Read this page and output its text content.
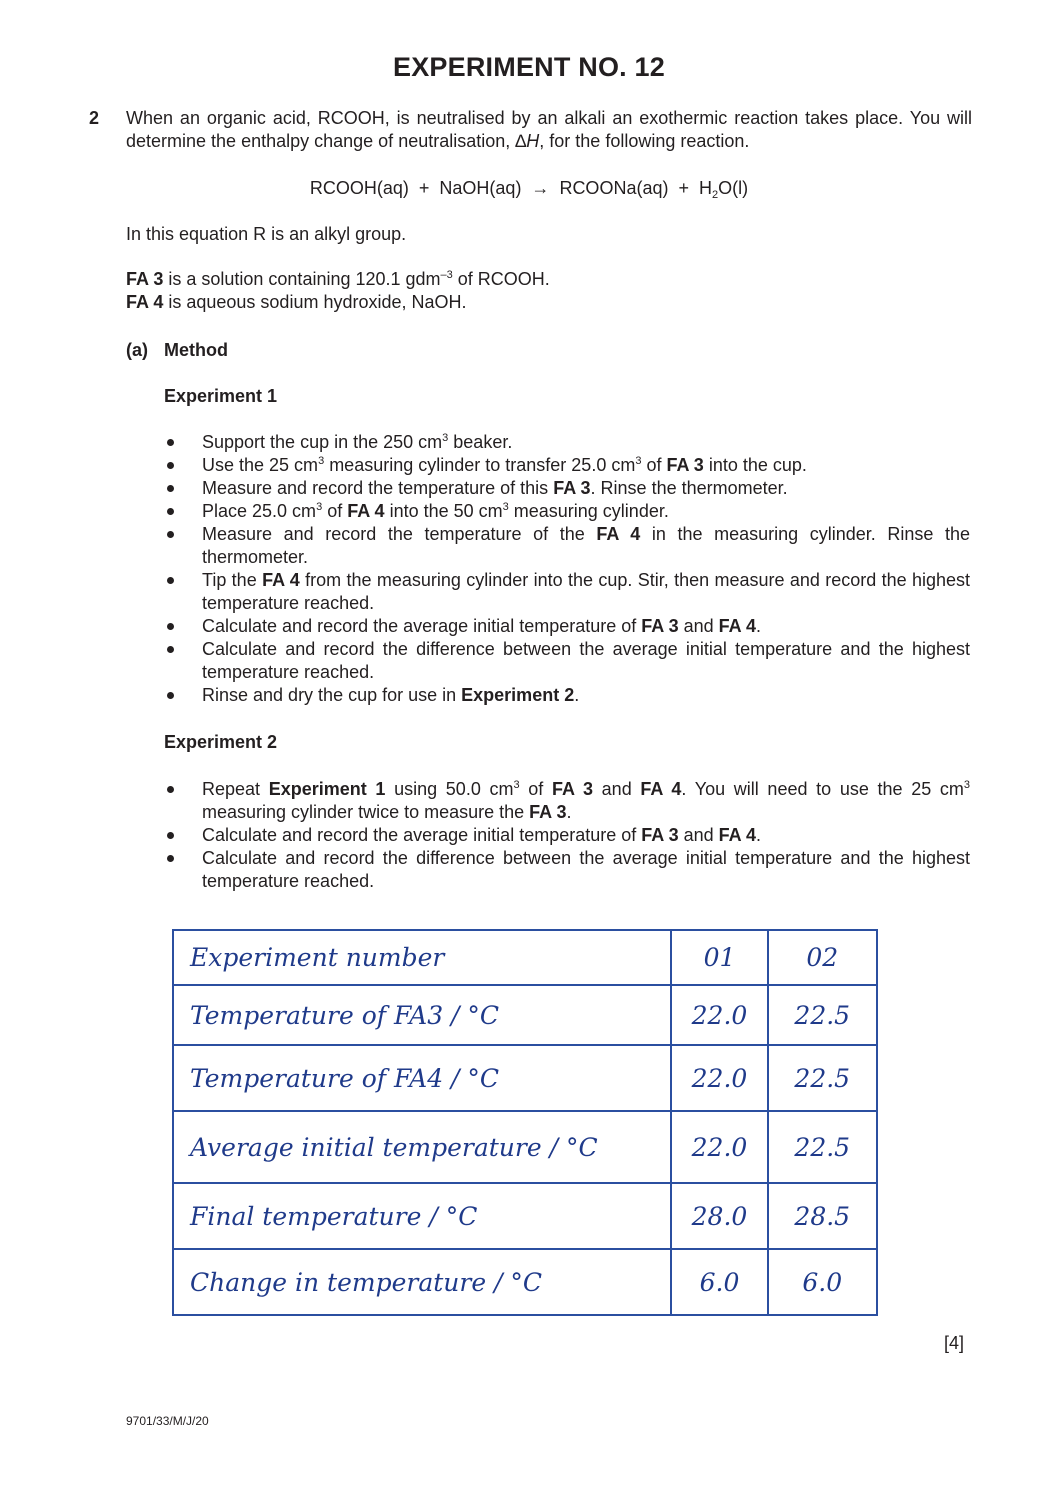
EXPERIMENT NO. 12
2 When an organic acid, RCOOH, is neutralised by an alkali an exothermic reaction takes place. You will determine the enthalpy change of neutralisation, ∆H, for the following reaction.
RCOOH(aq)  +  NaOH(aq)  →  RCOONa(aq)  +  $H_2O(l)$
In this equation R is an alkyl group.
FA 3 is a solution containing 120.1 gdm$^{-3}$ of RCOOH.
FA 4 is aqueous sodium hydroxide, NaOH.
(a) Method
Experiment 1
Support the cup in the 250 $cm^3$ beaker.
Use the 25 $cm^3$ measuring cylinder to transfer 25.0 $cm^3$ of FA 3 into the cup.
Measure and record the temperature of this FA 3. Rinse the thermometer.
Place 25.0 $cm^3$ of FA 4 into the 50 $cm^3$ measuring cylinder.
Measure and record the temperature of the FA 4 in the measuring cylinder. Rinse the thermometer.
Tip the FA 4 from the measuring cylinder into the cup. Stir, then measure and record the highest temperature reached.
Calculate and record the average initial temperature of FA 3 and FA 4.
Calculate and record the difference between the average initial temperature and the highest temperature reached.
Rinse and dry the cup for use in Experiment 2.
Experiment 2
Repeat Experiment 1 using 50.0 $cm^3$ of FA 3 and FA 4. You will need to use the 25 $cm^3$ measuring cylinder twice to measure the FA 3.
Calculate and record the average initial temperature of FA 3 and FA 4.
Calculate and record the difference between the average initial temperature and the highest temperature reached.
Experiment number	01	02
Temperature of FA3 / °C	22.0	22.5
Temperature of FA4 / °C	22.0	22.5
Average initial temperature / °C	22.0	22.5
Final temperature / °C	28.0	28.5
Change in temperature / °C	6.0	6.0
[4]
9701/33/M/J/20
